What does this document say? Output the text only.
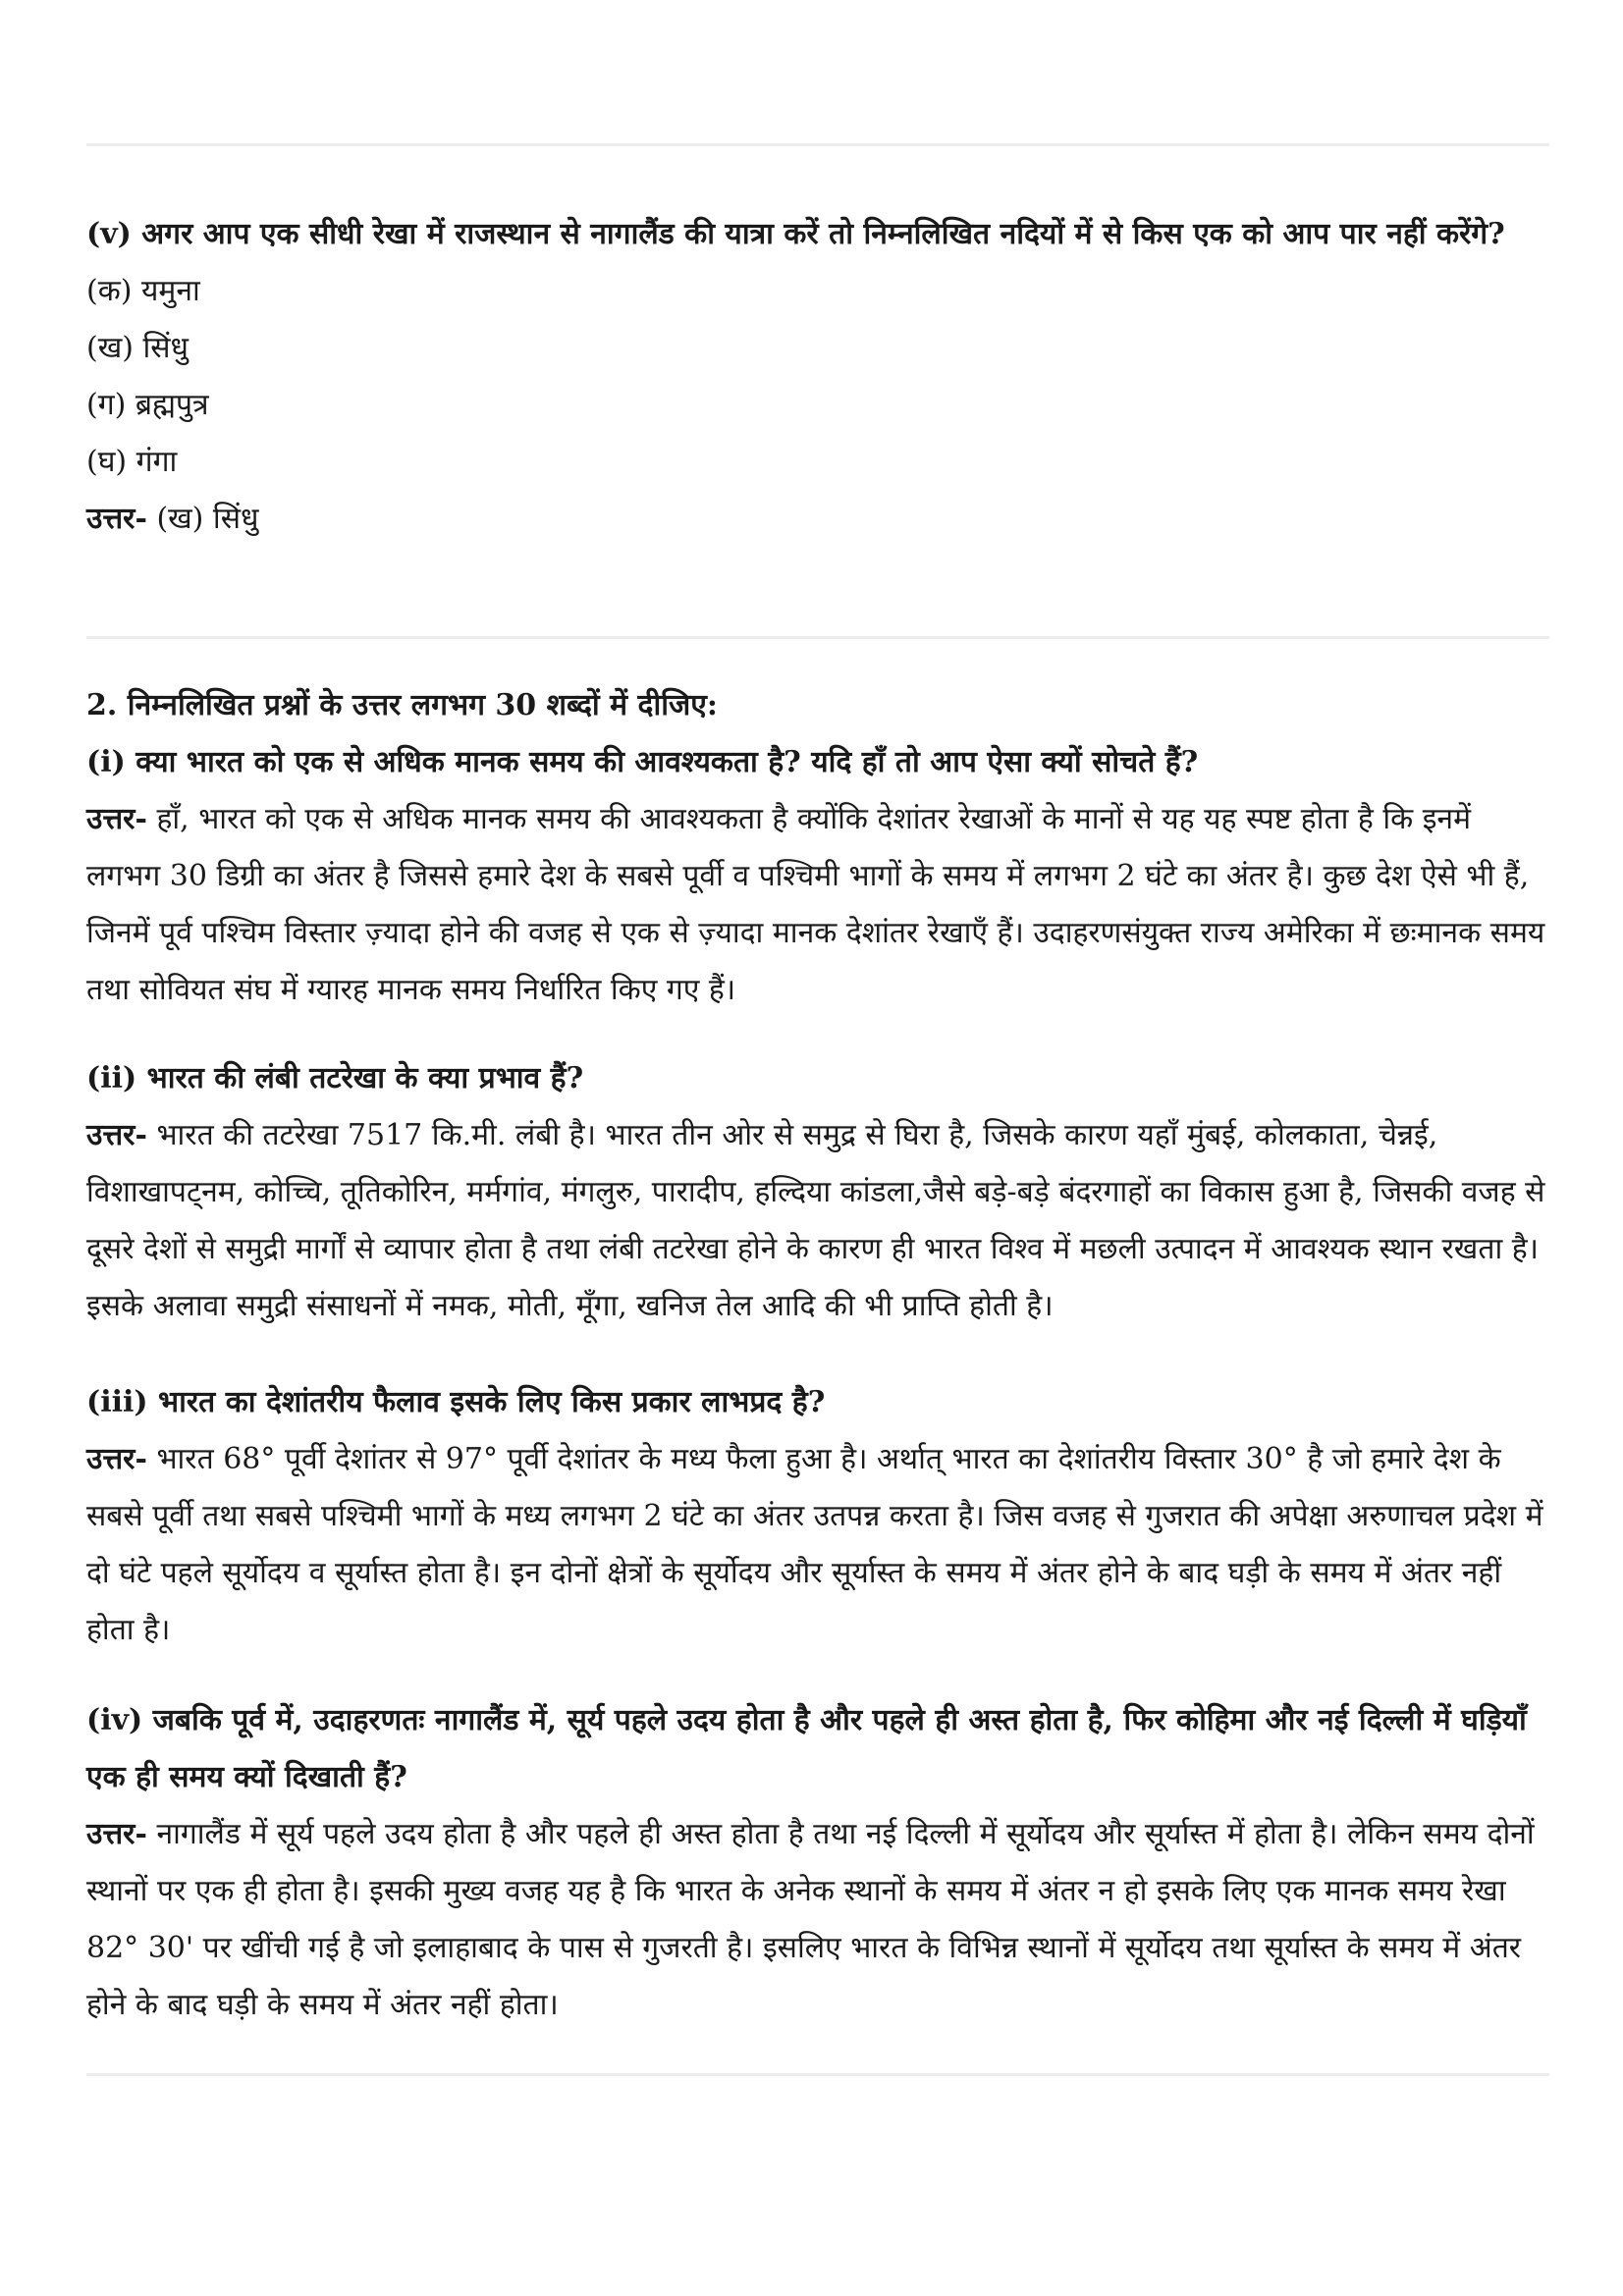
(v) अगर आप एक सीधी रेखा में राजस्थान से नागालैंड की यात्रा करें तो निम्नलिखित नदियों में से किस एक को आप पार नहीं करेंगे?

(क) यमुना

(ख) सिंधु

(ग) ब्रह्मपुत्र

(घ) गंगा

उत्तर- (ख) सिंधु

2. निम्नलिखित प्रश्नों के उत्तर लगभग 30 शब्दों में दीजिए:

(i) क्या भारत को एक से अधिक मानक समय की आवश्यकता है? यदि हाँ तो आप ऐसा क्यों सोचते हैं?

उत्तर- हाँ, भारत को एक से अधिक मानक समय की आवश्यकता है क्योंकि देशांतर रेखाओं के मानों से यह यह स्पष्ट होता है कि इनमें लगभग 30 डिग्री का अंतर है जिससे हमारे देश के सबसे पूर्वी व पश्चिमी भागों के समय में लगभग 2 घंटे का अंतर है। कुछ देश ऐसे भी हैं, जिनमें पूर्व पश्चिम विस्तार ज़्यादा होने की वजह से एक से ज़्यादा मानक देशांतर रेखाएँ हैं। उदाहरणसंयुक्त राज्य अमेरिका में छःमानक समय तथा सोवियत संघ में ग्यारह मानक समय निर्धारित किए गए हैं।

(ii) भारत की लंबी तटरेखा के क्या प्रभाव हैं?

उत्तर- भारत की तटरेखा 7517 कि.मी. लंबी है। भारत तीन ओर से समुद्र से घिरा है, जिसके कारण यहाँ मुंबई, कोलकाता, चेन्नई, विशाखापट्नम, कोच्चि, तूतिकोरिन, मर्मगांव, मंगलुरु, पारादीप, हल्दिया कांडला,जैसे बड़े-बड़े बंदरगाहों का विकास हुआ है, जिसकी वजह से दूसरे देशों से समुद्री मार्गों से व्यापार होता है तथा लंबी तटरेखा होने के कारण ही भारत विश्व में मछली उत्पादन में आवश्यक स्थान रखता है। इसके अलावा समुद्री संसाधनों में नमक, मोती, मूँगा, खनिज तेल आदि की भी प्राप्ति होती है।

(iii) भारत का देशांतरीय फैलाव इसके लिए किस प्रकार लाभप्रद है?

उत्तर- भारत 68° पूर्वी देशांतर से 97° पूर्वी देशांतर के मध्य फैला हुआ है। अर्थात् भारत का देशांतरीय विस्तार 30° है जो हमारे देश के सबसे पूर्वी तथा सबसे पश्चिमी भागों के मध्य लगभग 2 घंटे का अंतर उतपन्न करता है। जिस वजह से गुजरात की अपेक्षा अरुणाचल प्रदेश में दो घंटे पहले सूर्योदय व सूर्यास्त होता है। इन दोनों क्षेत्रों के सूर्योदय और सूर्यास्त के समय में अंतर होने के बाद घड़ी के समय में अंतर नहीं होता है।

(iv) जबकि पूर्व में, उदाहरणतः नागालैंड में, सूर्य पहले उदय होता है और पहले ही अस्त होता है, फिर कोहिमा और नई दिल्ली में घड़ियाँ एक ही समय क्यों दिखाती हैं?

उत्तर- नागालैंड में सूर्य पहले उदय होता है और पहले ही अस्त होता है तथा नई दिल्ली में सूर्योदय और सूर्यास्त में होता है। लेकिन समय दोनों स्थानों पर एक ही होता है। इसकी मुख्य वजह यह है कि भारत के अनेक स्थानों के समय में अंतर न हो इसके लिए एक मानक समय रेखा 82° 30' पर खींची गई है जो इलाहाबाद के पास से गुजरती है। इसलिए भारत के विभिन्न स्थानों में सूर्योदय तथा सूर्यास्त के समय में अंतर होने के बाद घड़ी के समय में अंतर नहीं होता।
